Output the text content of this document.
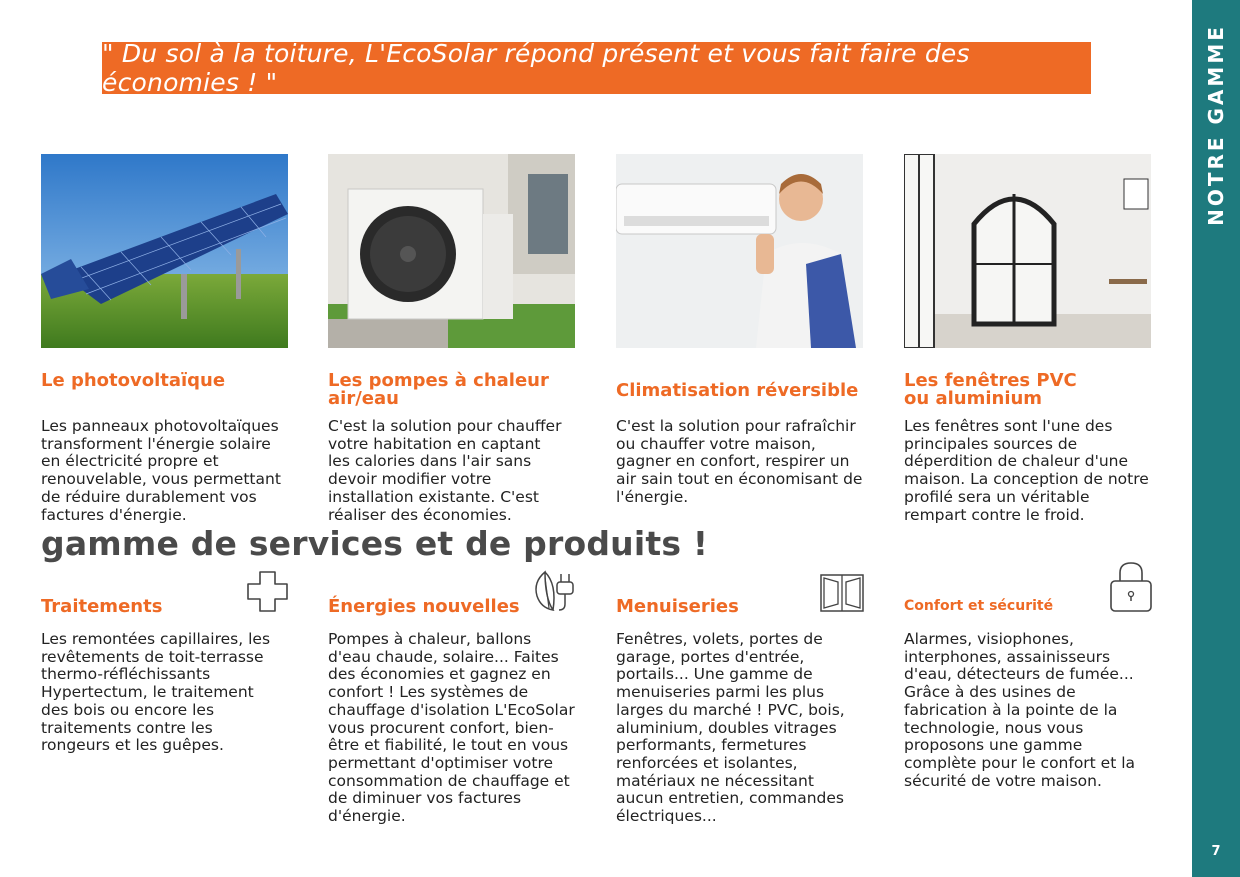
" Du sol à la toiture, L'EcoSolar répond présent et vous fait faire des économies ! "	NOTRE GAMME
7
Le photovoltaïque	Les pompes à chaleur air/eau	Climatisation réversible	Les fenêtres PVC ou aluminium
Les panneaux photovoltaïques transforment l'énergie solaire en électricité propre et renouvelable, vous permettant de réduire durablement vos factures d'énergie.
C'est la solution pour chauffer votre habitation en captant les calories dans l'air sans devoir modifier votre installation existante. C'est réaliser des économies.
C'est la solution pour rafraîchir ou chauffer votre maison, gagner en confort, respirer un air sain tout en économisant de l'énergie.
Les fenêtres sont l'une des principales sources de déperdition de chaleur d'une maison. La conception de notre profilé sera un véritable rempart contre le froid.
gamme de services et de produits !
Traitements	Énergies nouvelles	Menuiseries	Confort et sécurité
Les remontées capillaires, les revêtements de toit-terrasse thermo-réfléchissants Hypertectum, le traitement des bois ou encore les traitements contre les rongeurs et les guêpes.
Pompes à chaleur, ballons d'eau chaude, solaire... Faites des économies et gagnez en confort ! Les systèmes de chauffage d'isolation L'EcoSolar vous procurent confort, bien-être et fiabilité, le tout en vous permettant d'optimiser votre consommation de chauffage et de diminuer vos factures d'énergie.
Fenêtres, volets, portes de garage, portes d'entrée, portails... Une gamme de menuiseries parmi les plus larges du marché ! PVC, bois, aluminium, doubles vitrages performants, fermetures renforcées et isolantes, matériaux ne nécessitant aucun entretien, commandes électriques...
Alarmes, visiophones, interphones, assainisseurs d'eau, détecteurs de fumée... Grâce à des usines de fabrication à la pointe de la technologie, nous vous proposons une gamme complète pour le confort et la sécurité de votre maison.
